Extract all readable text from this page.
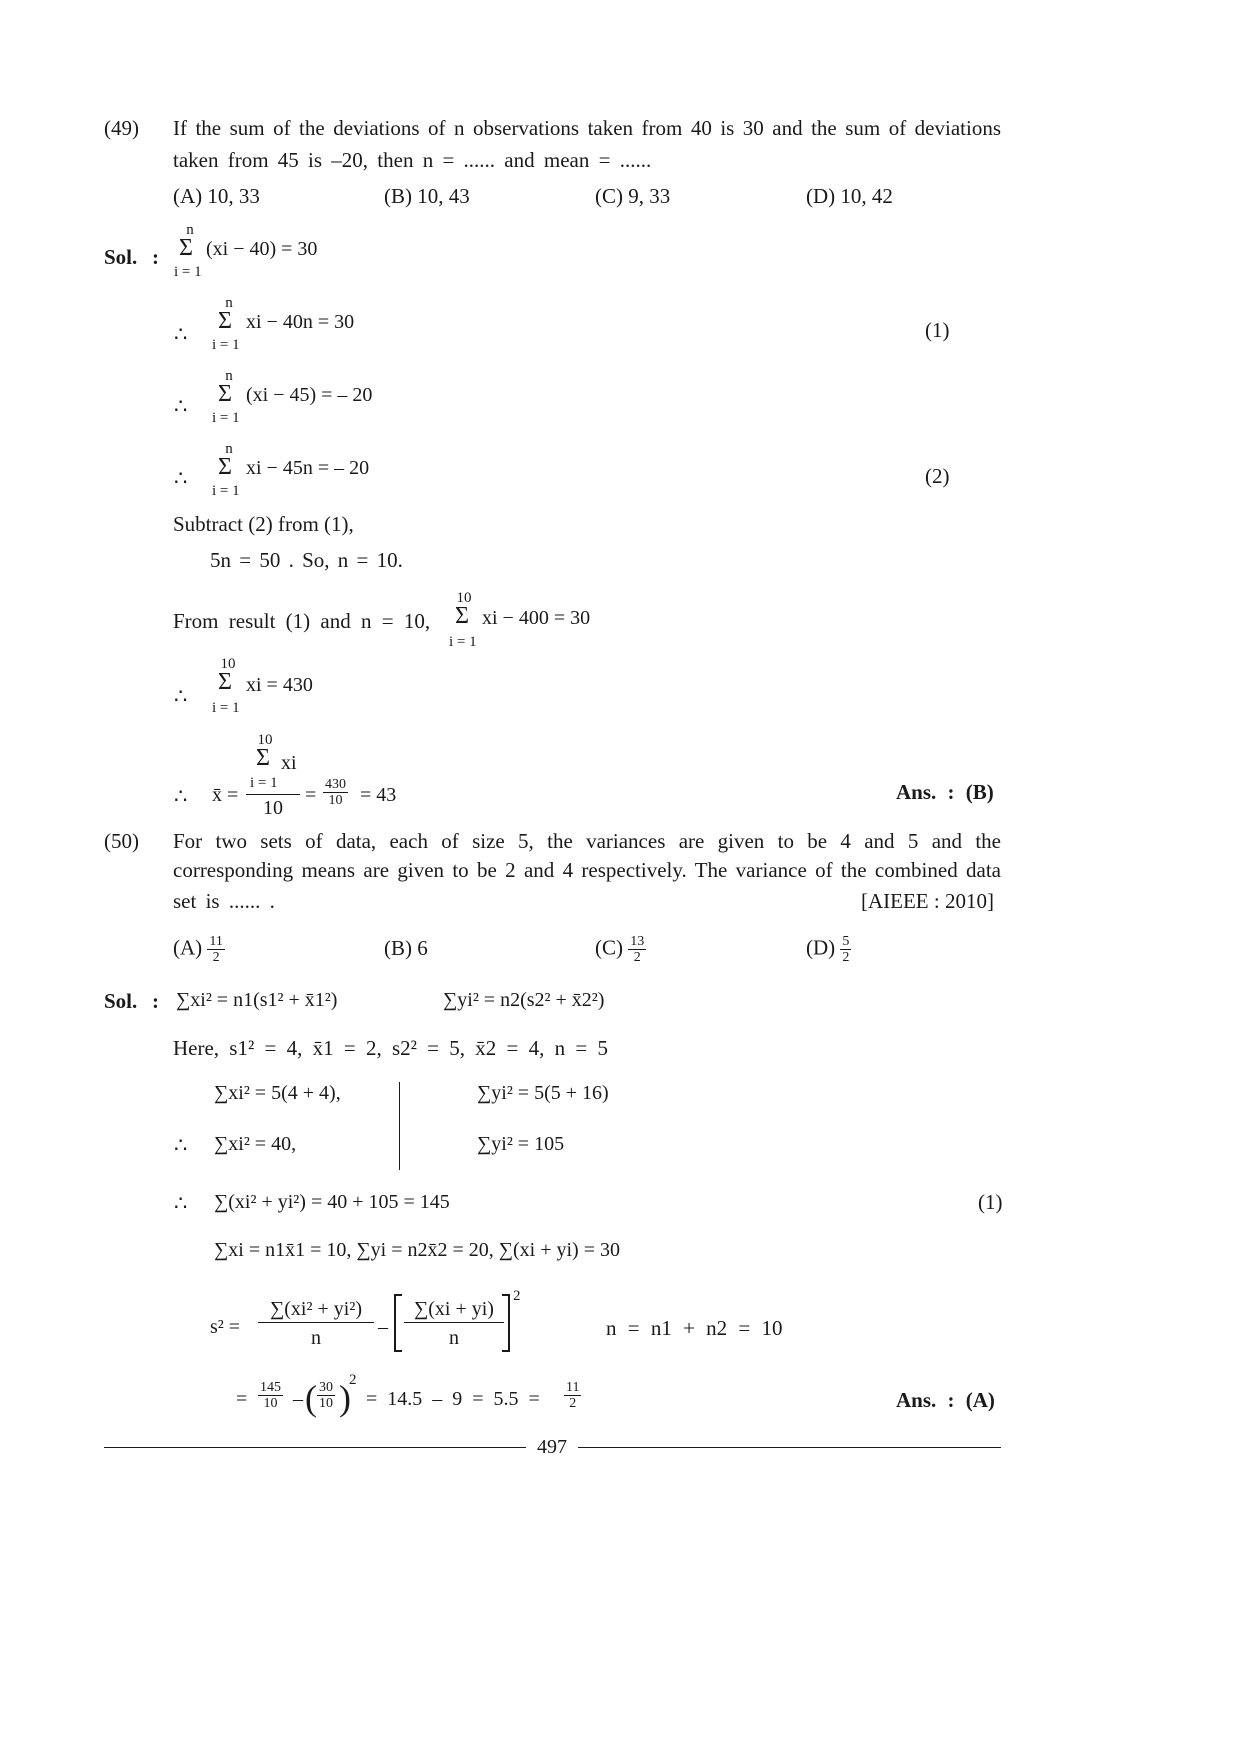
(49) If the sum of the deviations of n observations taken from 40 is 30 and the sum of deviations
taken from 45 is –20, then n = ...... and mean = ......
(A) 10, 33	(B) 10, 43	(C) 9, 33	(D) 10, 42
Sol. :
n
Σ
i = 1
(xi − 40) = 30
∴
n
Σ
i = 1
xi − 40n = 30	(1)
∴
n
Σ
i = 1
(xi − 45) = – 20
∴
n
Σ
i = 1
xi − 45n = – 20	(2)
Subtract (2) from (1),
5n = 50 . So, n = 10.
From result (1) and n = 10,
10
Σ
i = 1
xi − 400 = 30
∴
10
Σ
i = 1
xi = 430
∴ x̄ =
10
Σ xi
i = 1
10
= $\frac{430}{10} = 43$	Ans. : (B)
(50) For two sets of data, each of size 5, the variances are given to be 4 and 5 and the
corresponding means are given to be 2 and 4 respectively. The variance of the combined data
set is ...... .	[AIEEE : 2010]
$(A) \frac{11}{2}$	(B) 6	$(C) \frac{13}{2}$	$(D) \frac{5}{2}$
Sol. : ∑xi² = n1(s1² + x̄1²)	∑yi² = n2(s2² + x̄2²)
Here, s1² = 4, x̄1 = 2, s2² = 5, x̄2 = 4, n = 5
∑xi² = 5(4 + 4),	∑yi² = 5(5 + 16)
∴ ∑xi² = 40,	∑yi² = 105
∴ ∑(xi² + yi²) = 40 + 105 = 145	(1)
∑xi = n1x̄1 = 10, ∑yi = n2x̄2 = 20, ∑(xi + yi) = 30
s² =
∑(xi² + yi²)
n	–
∑(xi + yi)
n
2
n = n1 + n2 = 10
= $\frac{145}{10}$ – ( $\frac{30}{10}$ )
2
= $14.5 - 9 = 5.5 = \frac{11}{2}$	Ans. : (A)
497
